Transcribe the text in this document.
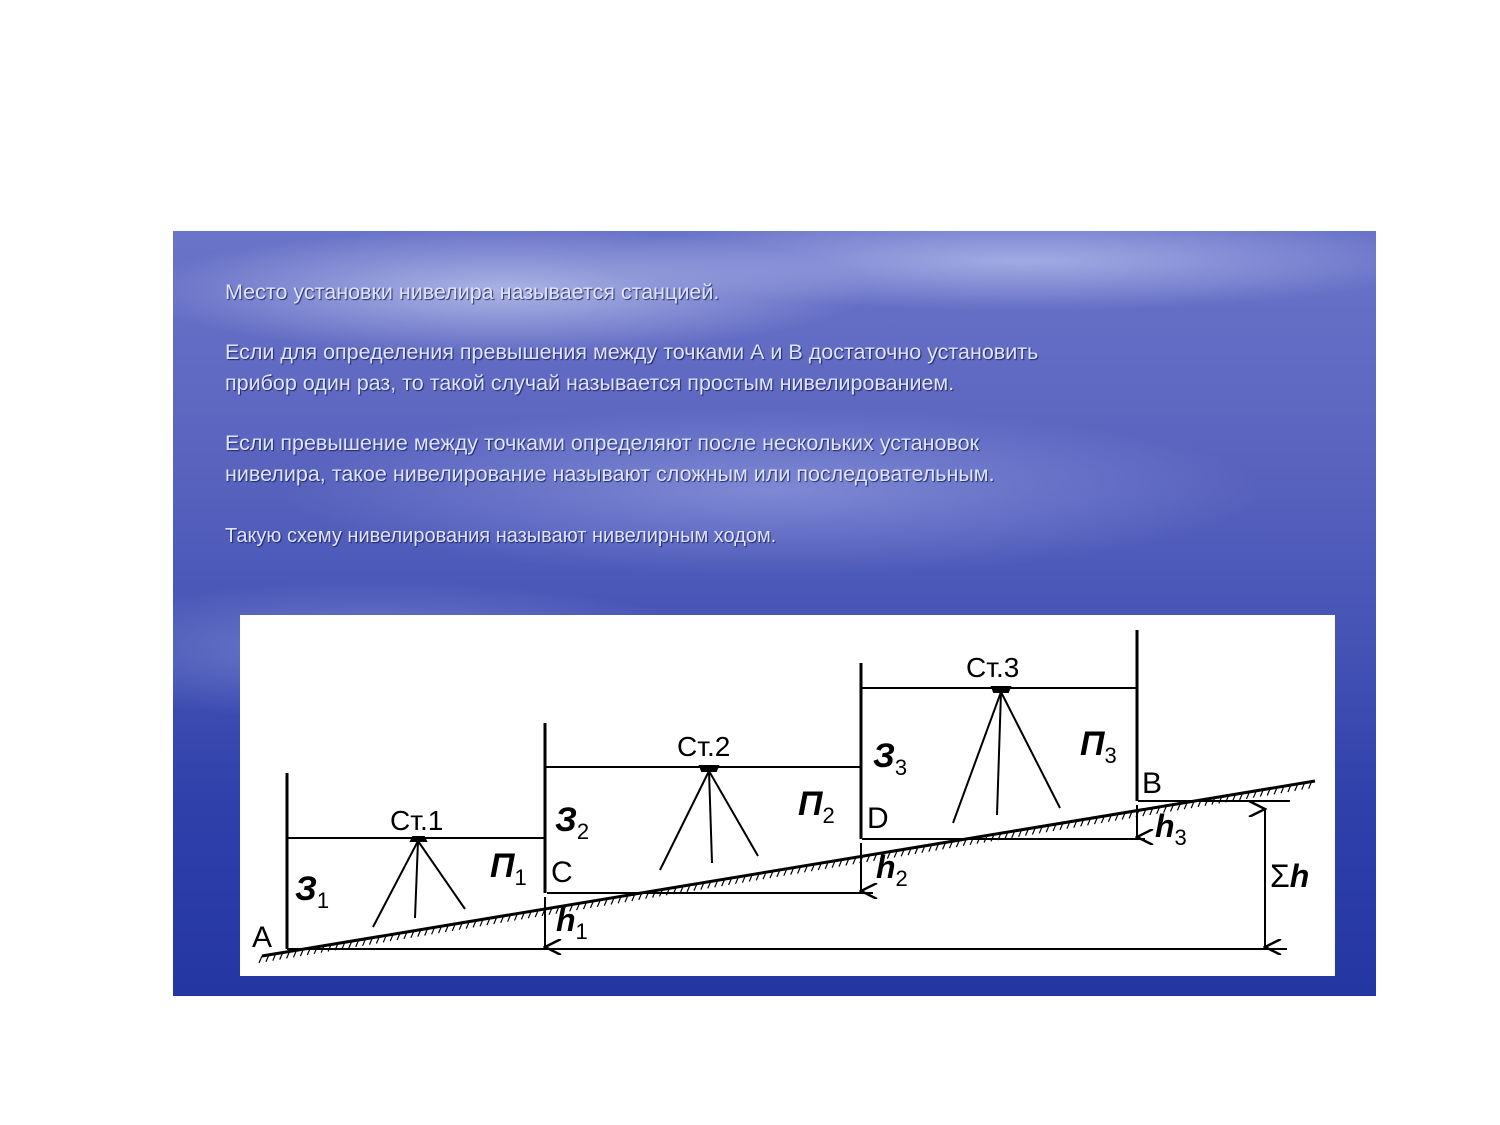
Место установки нивелира называется станцией.
Если для определения превышения между точками А и В достаточно установить
прибор один раз, то такой случай называется простым нивелированием.
Если превышение между точками определяют после нескольких установок
нивелира, такое нивелирование называют сложным или последовательным.
Такую схему нивелирования называют нивелирным ходом.
Ст.1
Ст.2
Ст.3
A
C
D
B
$З_1$
$З_2$
$З_3$
$П_1$
$П_2$
$П_3$
$h_1$
$h_2$
$h_3$
Σh
